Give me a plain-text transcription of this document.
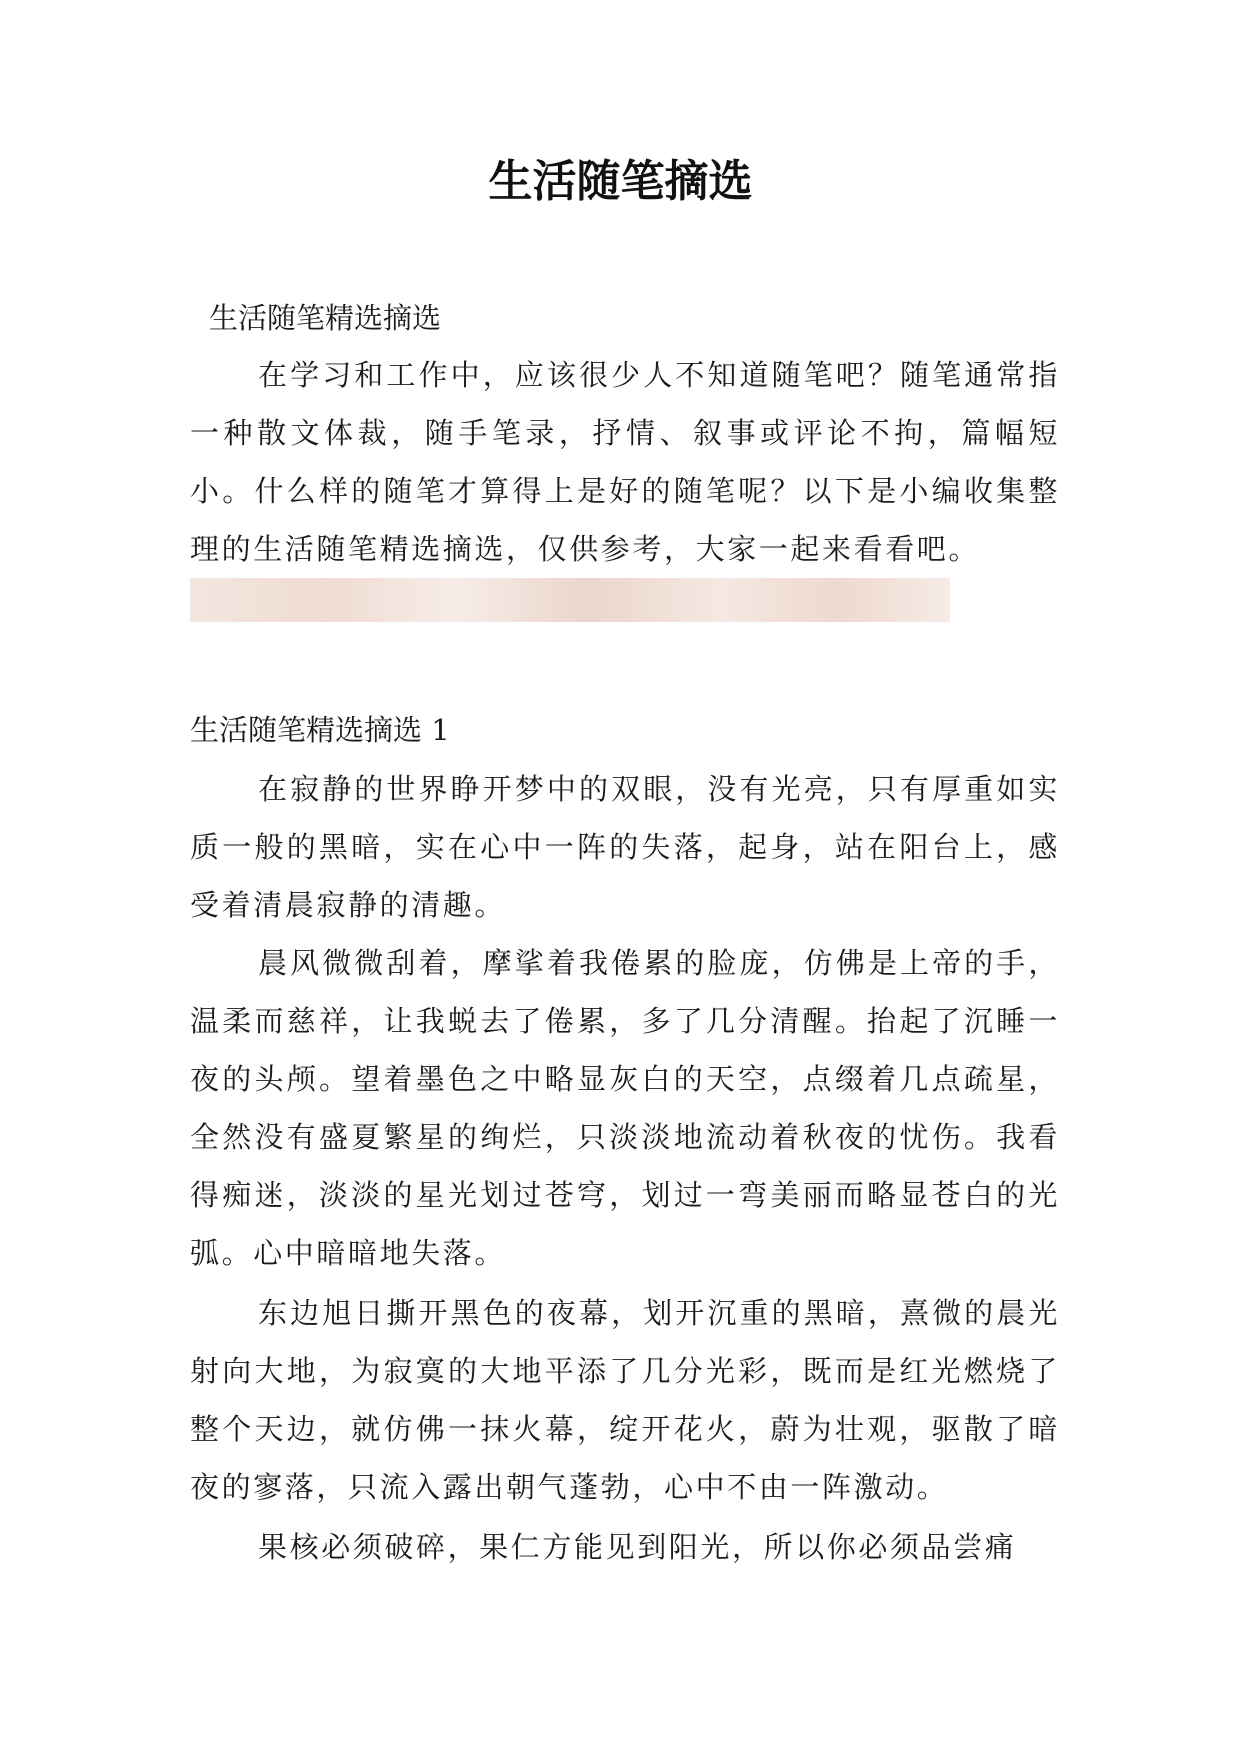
生活随笔摘选

生活随笔精选摘选

在学习和工作中，应该很少人不知道随笔吧？随笔通常指一种散文体裁，随手笔录，抒情、叙事或评论不拘，篇幅短小。什么样的随笔才算得上是好的随笔呢？以下是小编收集整理的生活随笔精选摘选，仅供参考，大家一起来看看吧。

生活随笔精选摘选 1

在寂静的世界睁开梦中的双眼，没有光亮，只有厚重如实质一般的黑暗，实在心中一阵的失落，起身，站在阳台上，感受着清晨寂静的清趣。

晨风微微刮着，摩挲着我倦累的脸庞，仿佛是上帝的手，温柔而慈祥，让我蜕去了倦累，多了几分清醒。抬起了沉睡一夜的头颅。望着墨色之中略显灰白的天空，点缀着几点疏星，全然没有盛夏繁星的绚烂，只淡淡地流动着秋夜的忧伤。我看得痴迷，淡淡的星光划过苍穹，划过一弯美丽而略显苍白的光弧。心中暗暗地失落。

东边旭日撕开黑色的夜幕，划开沉重的黑暗，熹微的晨光射向大地，为寂寞的大地平添了几分光彩，既而是红光燃烧了整个天边，就仿佛一抹火幕，绽开花火，蔚为壮观，驱散了暗夜的寥落，只流入露出朝气蓬勃，心中不由一阵激动。

果核必须破碎，果仁方能见到阳光，所以你必须品尝痛
